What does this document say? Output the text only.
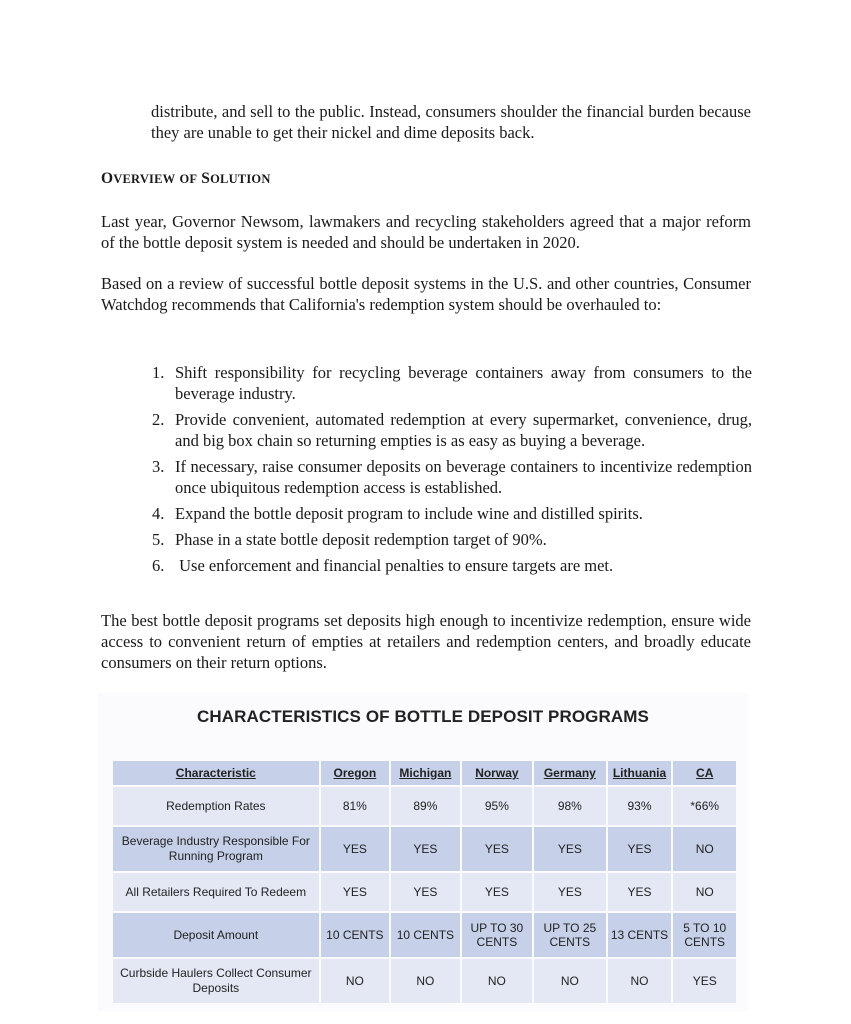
distribute, and sell to the public. Instead, consumers shoulder the financial burden because they are unable to get their nickel and dime deposits back.

OVERVIEW OF SOLUTION

Last year, Governor Newsom, lawmakers and recycling stakeholders agreed that a major reform of the bottle deposit system is needed and should be undertaken in 2020.

Based on a review of successful bottle deposit systems in the U.S. and other countries, Consumer Watchdog recommends that California's redemption system should be overhauled to:

1. Shift responsibility for recycling beverage containers away from consumers to the beverage industry.
2. Provide convenient, automated redemption at every supermarket, convenience, drug, and big box chain so returning empties is as easy as buying a beverage.
3. If necessary, raise consumer deposits on beverage containers to incentivize redemption once ubiquitous redemption access is established.
4. Expand the bottle deposit program to include wine and distilled spirits.
5. Phase in a state bottle deposit redemption target of 90%.
6. Use enforcement and financial penalties to ensure targets are met.

The best bottle deposit programs set deposits high enough to incentivize redemption, ensure wide access to convenient return of empties at retailers and redemption centers, and broadly educate consumers on their return options.

CHARACTERISTICS OF BOTTLE DEPOSIT PROGRAMS
Characteristic	Oregon	Michigan	Norway	Germany	Lithuania	CA
Redemption Rates	81%	89%	95%	98%	93%	*66%
Beverage Industry Responsible For Running Program	YES	YES	YES	YES	YES	NO
All Retailers Required To Redeem	YES	YES	YES	YES	YES	NO
Deposit Amount	10 CENTS	10 CENTS	UP TO 30 CENTS	UP TO 25 CENTS	13 CENTS	5 TO 10 CENTS
Curbside Haulers Collect Consumer Deposits	NO	NO	NO	NO	NO	YES
